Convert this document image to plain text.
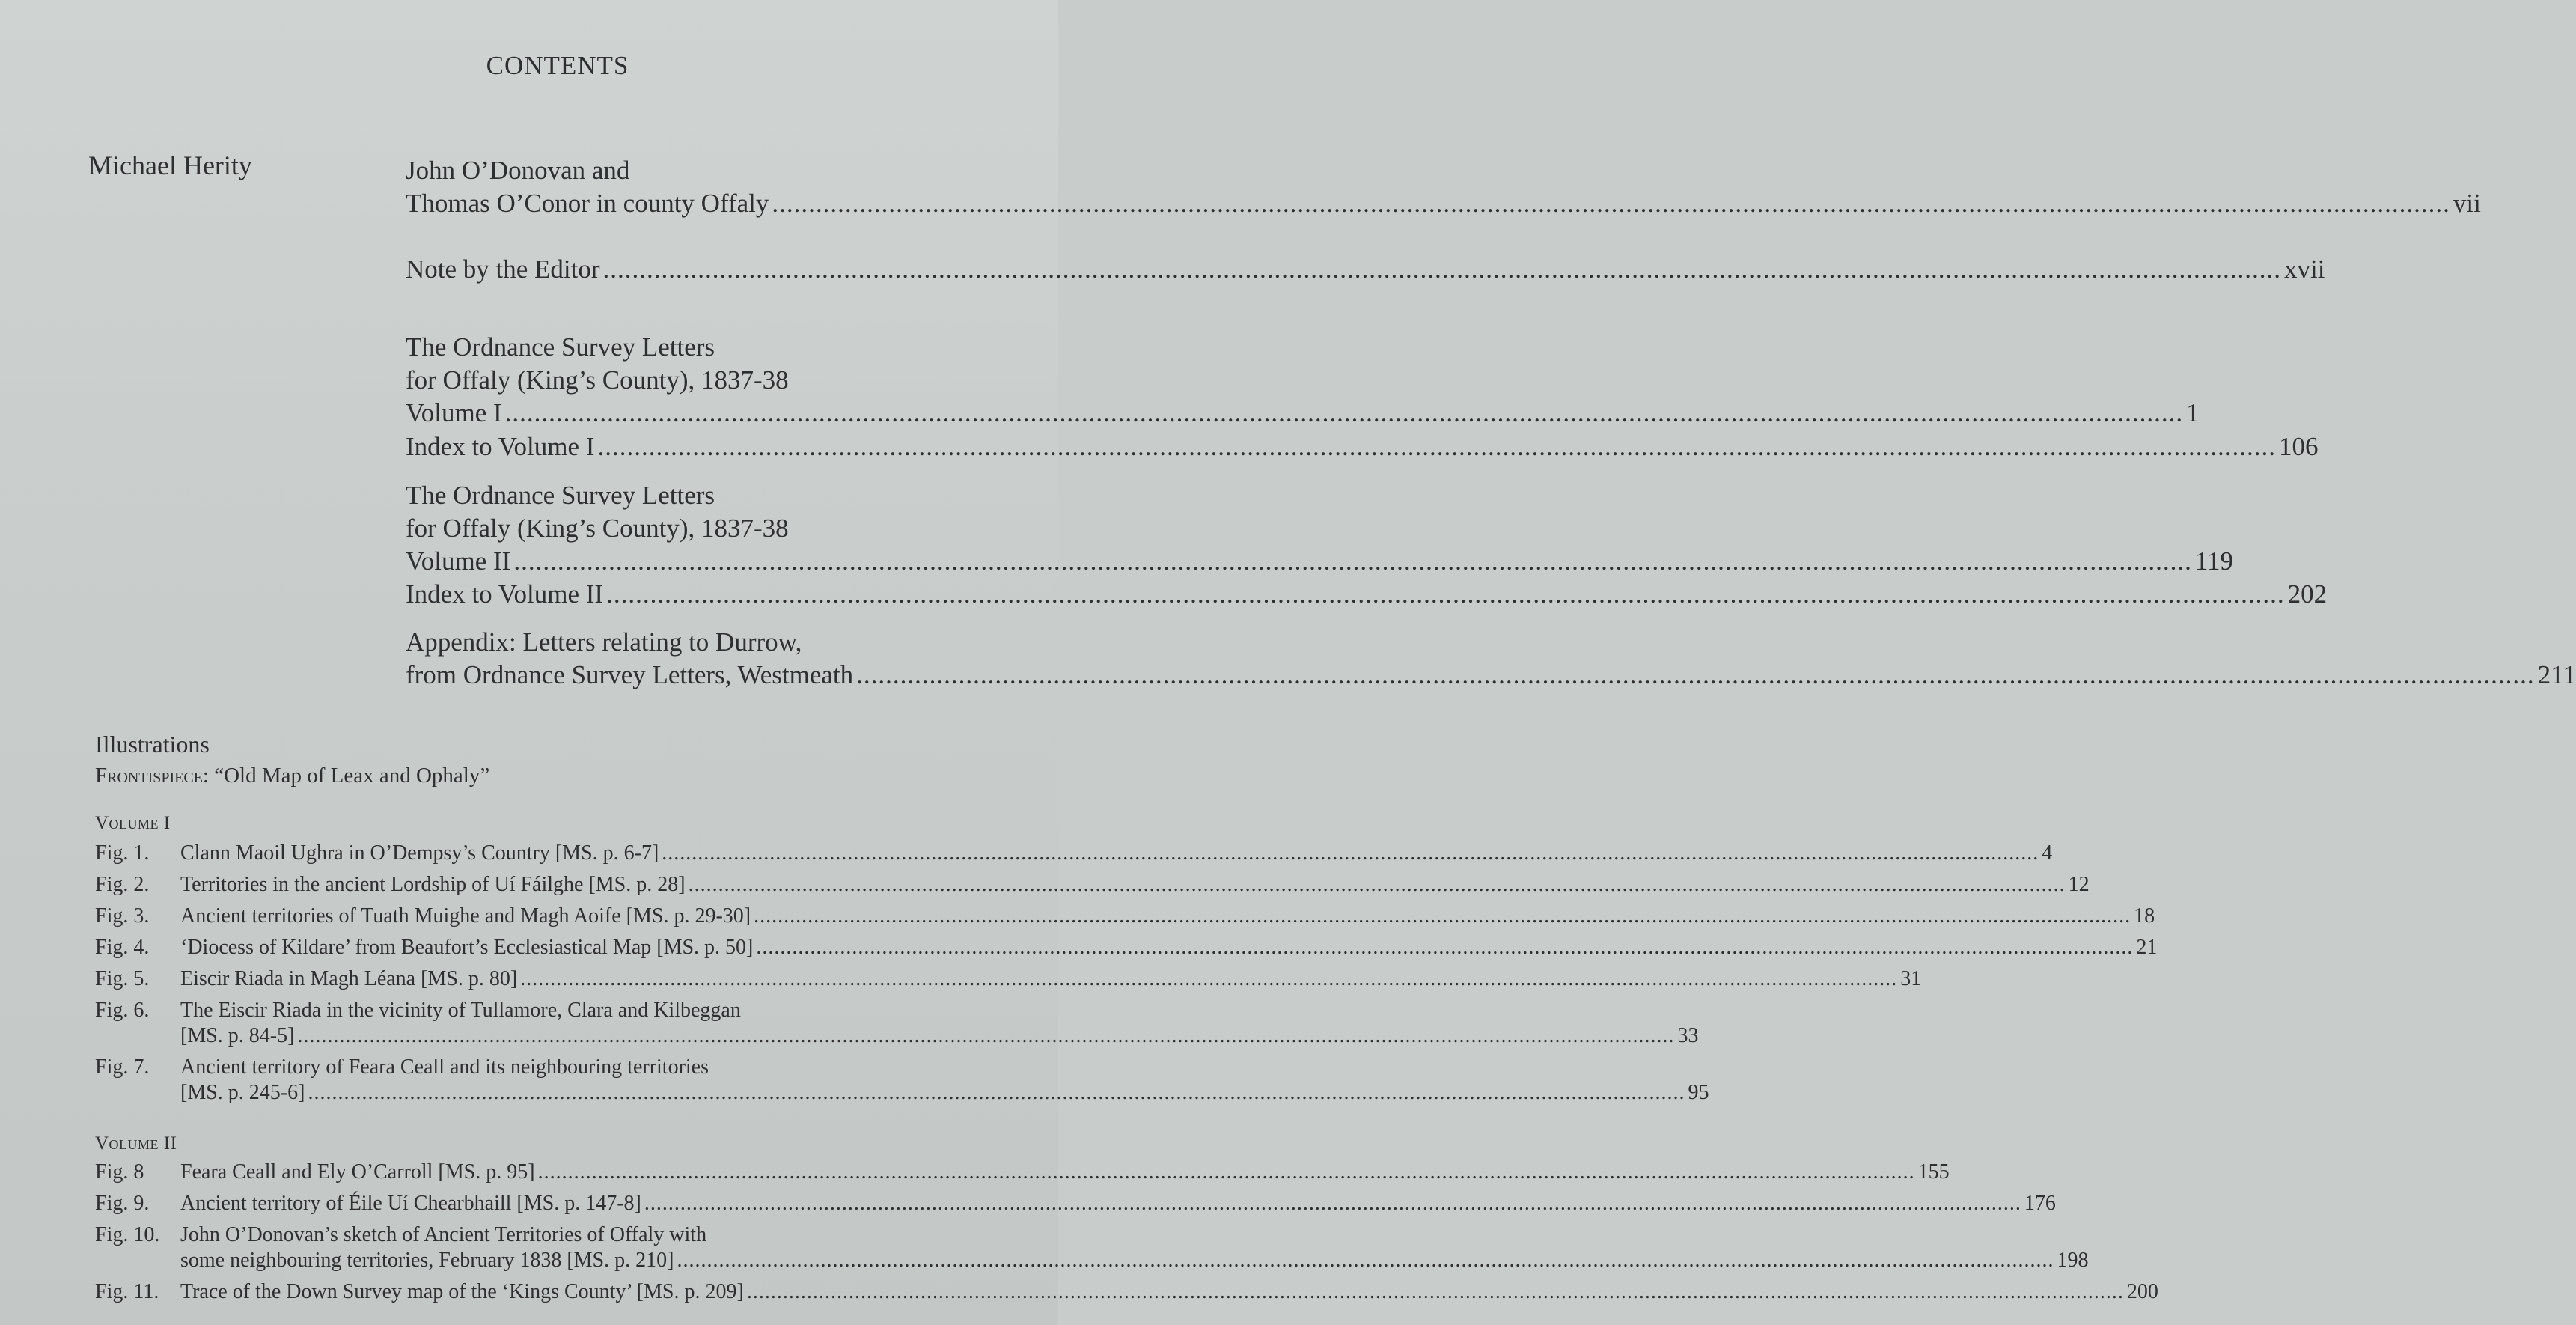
CONTENTS
Michael Herity	John O’Donovan and
Thomas O’Conor in county Offaly .....	vii
Note by the Editor .....	xvii
The Ordnance Survey Letters
for Offaly (King’s County), 1837-38
Volume I .....	1
Index to Volume I .....	106
The Ordnance Survey Letters
for Offaly (King’s County), 1837-38
Volume II .....	119
Index to Volume II .....	202
Appendix: Letters relating to Durrow,
from Ordnance Survey Letters, Westmeath .....	211
Illustrations
Frontispiece: “Old Map of Leax and Ophaly”
Volume I
Fig. 1.	Clann Maoil Ughra in O’Dempsy’s Country [MS. p. 6-7] .....	4
Fig. 2.	Territories in the ancient Lordship of Uí Fáilghe [MS. p. 28] .....	12
Fig. 3.	Ancient territories of Tuath Muighe and Magh Aoife [MS. p. 29-30] .....	18
Fig. 4.	‘Diocess of Kildare’ from Beaufort’s Ecclesiastical Map [MS. p. 50] .....	21
Fig. 5.	Eiscir Riada in Magh Léana [MS. p. 80] .....	31
Fig. 6.	The Eiscir Riada in the vicinity of Tullamore, Clara and Kilbeggan
[MS. p. 84-5] .....	33
Fig. 7.	Ancient territory of Feara Ceall and its neighbouring territories
[MS. p. 245-6] .....	95
Volume II
Fig. 8	Feara Ceall and Ely O’Carroll [MS. p. 95] .....	155
Fig. 9.	Ancient territory of Éile Uí Chearbhaill [MS. p. 147-8] .....	176
Fig. 10. John O’Donovan’s sketch of Ancient Territories of Offaly with
some neighbouring territories, February 1838 [MS. p. 210] .....	198
Fig. 11.	Trace of the Down Survey map of the ‘Kings County’ [MS. p. 209] .....	200
